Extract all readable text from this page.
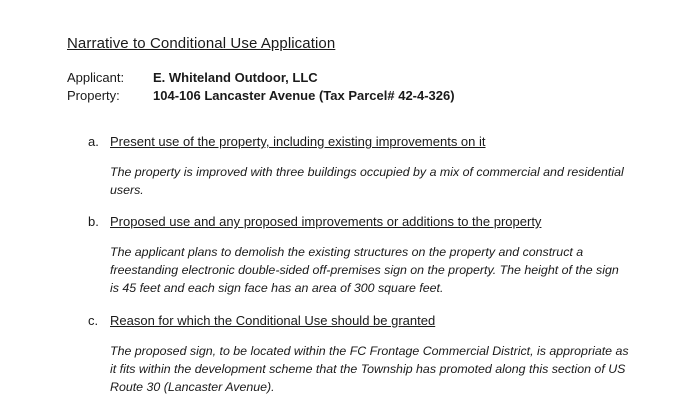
Narrative to Conditional Use Application
Applicant: E. Whiteland Outdoor, LLC
Property:	104-106 Lancaster Avenue (Tax Parcel# 42-4-326)
a. Present use of the property, including existing improvements on it
The property is improved with three buildings occupied by a mix of commercial and residential users.
b. Proposed use and any proposed improvements or additions to the property
The applicant plans to demolish the existing structures on the property and construct a freestanding electronic double-sided off-premises sign on the property. The height of the sign is 45 feet and each sign face has an area of 300 square feet.
c. Reason for which the Conditional Use should be granted
The proposed sign, to be located within the FC Frontage Commercial District, is appropriate as it fits within the development scheme that the Township has promoted along this section of US Route 30 (Lancaster Avenue).
